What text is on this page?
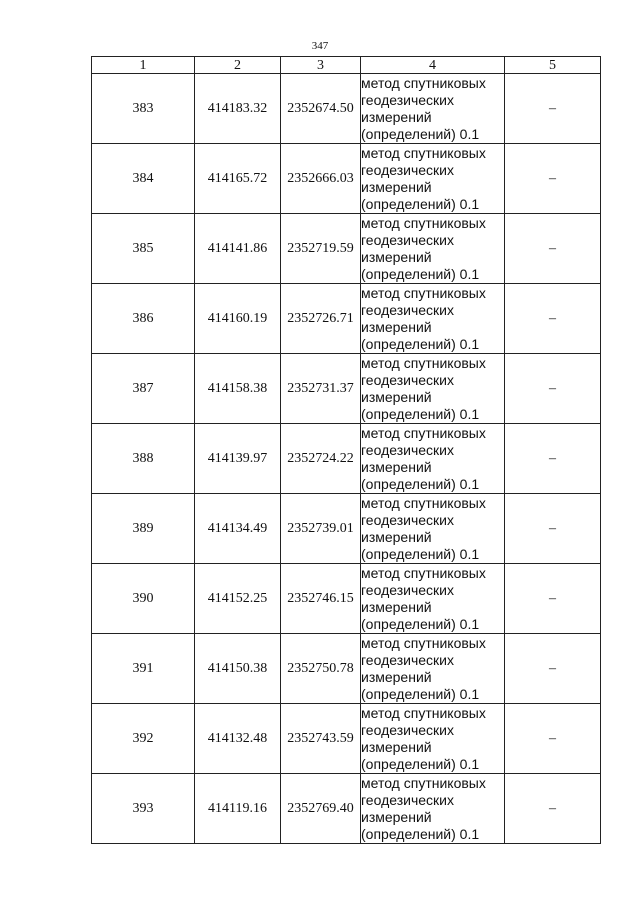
347
1	2	3	4	5
383	414183.32	2352674.50	метод спутниковых геодезических измерений (определений) 0.1	–
384	414165.72	2352666.03	метод спутниковых геодезических измерений (определений) 0.1	–
385	414141.86	2352719.59	метод спутниковых геодезических измерений (определений) 0.1	–
386	414160.19	2352726.71	метод спутниковых геодезических измерений (определений) 0.1	–
387	414158.38	2352731.37	метод спутниковых геодезических измерений (определений) 0.1	–
388	414139.97	2352724.22	метод спутниковых геодезических измерений (определений) 0.1	–
389	414134.49	2352739.01	метод спутниковых геодезических измерений (определений) 0.1	–
390	414152.25	2352746.15	метод спутниковых геодезических измерений (определений) 0.1	–
391	414150.38	2352750.78	метод спутниковых геодезических измерений (определений) 0.1	–
392	414132.48	2352743.59	метод спутниковых геодезических измерений (определений) 0.1	–
393	414119.16	2352769.40	метод спутниковых геодезических измерений (определений) 0.1	–
